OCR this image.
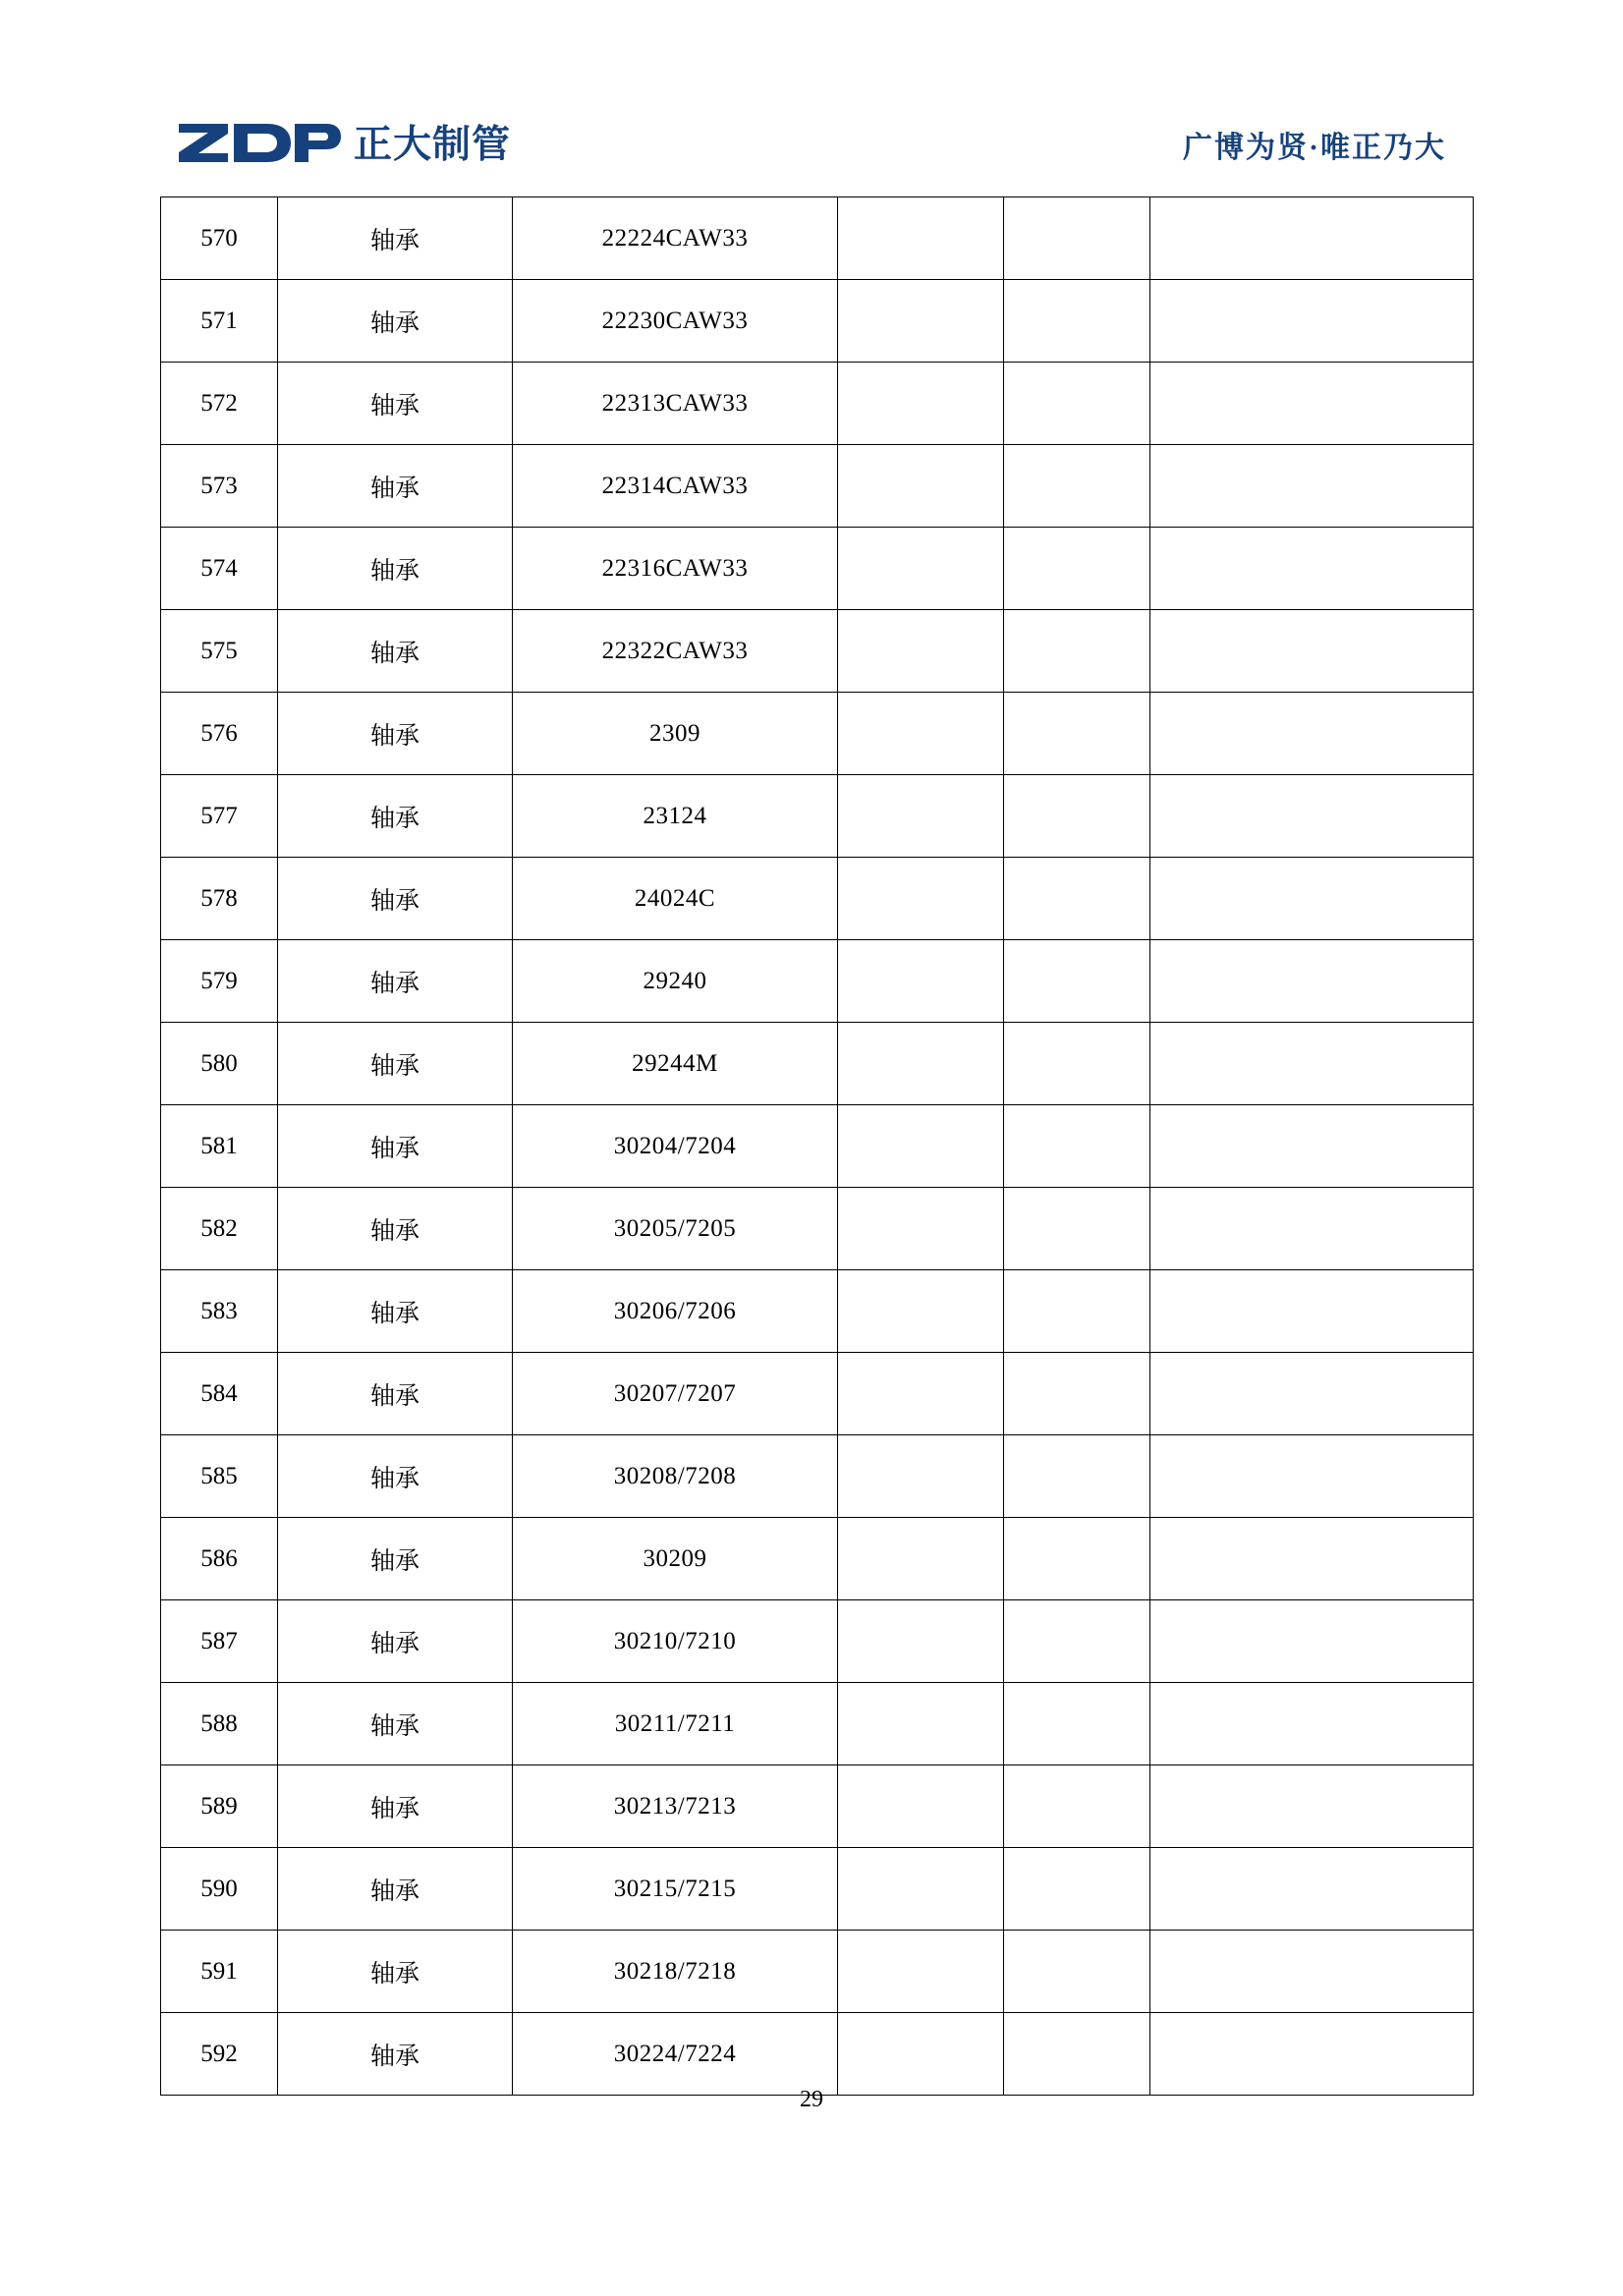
正大制管	广博为贤·唯正乃大
570	轴承	22224CAW33			
571	轴承	22230CAW33			
572	轴承	22313CAW33			
573	轴承	22314CAW33			
574	轴承	22316CAW33			
575	轴承	22322CAW33			
576	轴承	2309			
577	轴承	23124			
578	轴承	24024C			
579	轴承	29240			
580	轴承	29244M			
581	轴承	30204/7204			
582	轴承	30205/7205			
583	轴承	30206/7206			
584	轴承	30207/7207			
585	轴承	30208/7208			
586	轴承	30209			
587	轴承	30210/7210			
588	轴承	30211/7211			
589	轴承	30213/7213			
590	轴承	30215/7215			
591	轴承	30218/7218			
592	轴承	30224/7224			
29
